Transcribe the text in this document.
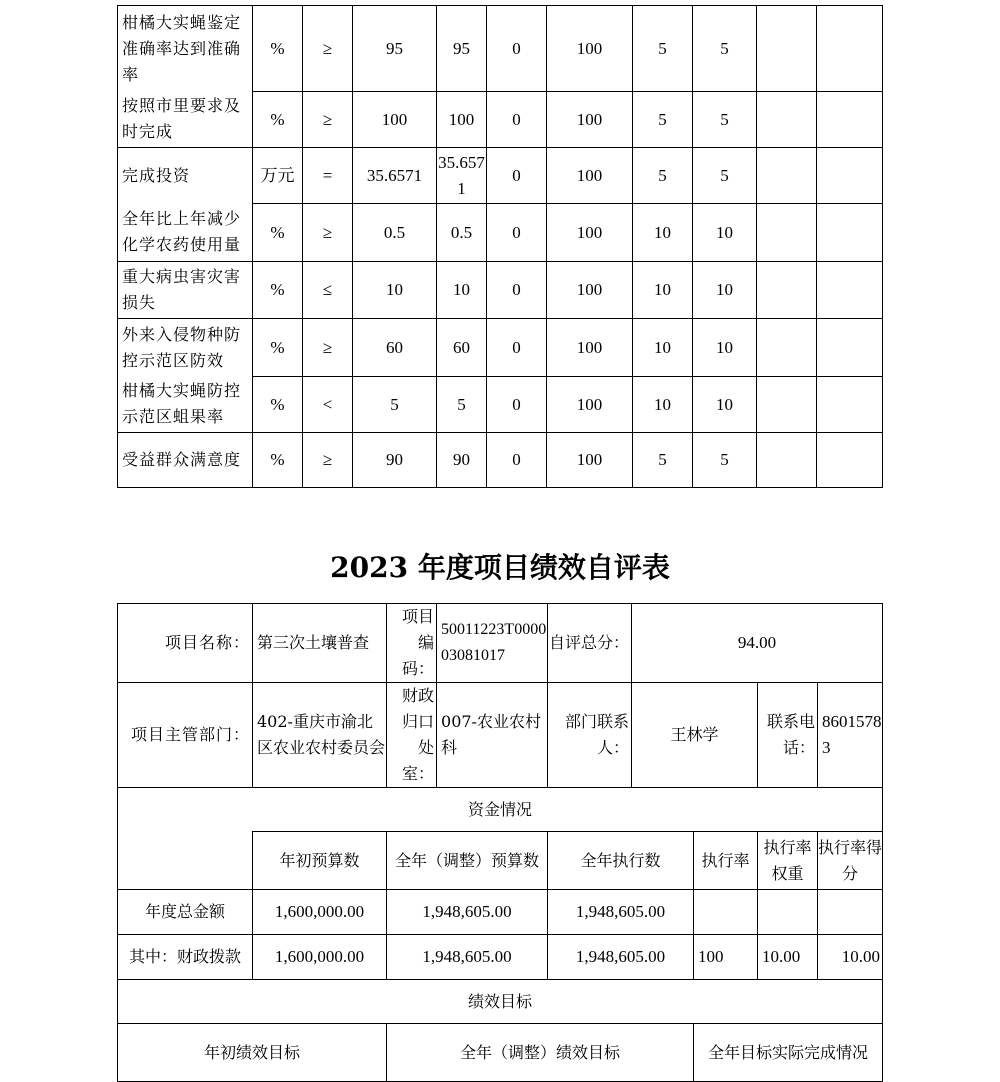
柑橘大实蝇鉴定准确率达到准确率	%	≥	95	95	0	100	5	5		
按照市里要求及时完成	%	≥	100	100	0	100	5	5		
完成投资	万元	=	35.6571	35.6571	0	100	5	5		
全年比上年减少化学农药使用量	%	≥	0.5	0.5	0	100	10	10		
重大病虫害灾害损失	%	≤	10	10	0	100	10	10		
外来入侵物种防控示范区防效	%	≥	60	60	0	100	10	10		
柑橘大实蝇防控示范区蛆果率	%	<	5	5	0	100	10	10		
受益群众满意度	%	≥	90	90	0	100	5	5		
2023 年度项目绩效自评表
项目名称：	第三次土壤普查	项目编码：	50011223T000003081017	自评总分：	94.00			
项目主管部门：	402-重庆市渝北区农业农村委员会	财政归口处室：	007-农业农村科	部门联系人：	王林学		联系电话：	86015783
资金情况								
	年初预算数	全年（调整）预算数		全年执行数		执行率	执行率权重	执行率得分
年度总金额	1,600,000.00	1,948,605.00		1,948,605.00				
其中：财政拨款	1,600,000.00	1,948,605.00		1,948,605.00		100	10.00	10.00
绩效目标								
年初绩效目标		全年（调整）绩效目标				全年目标实际完成情况		
